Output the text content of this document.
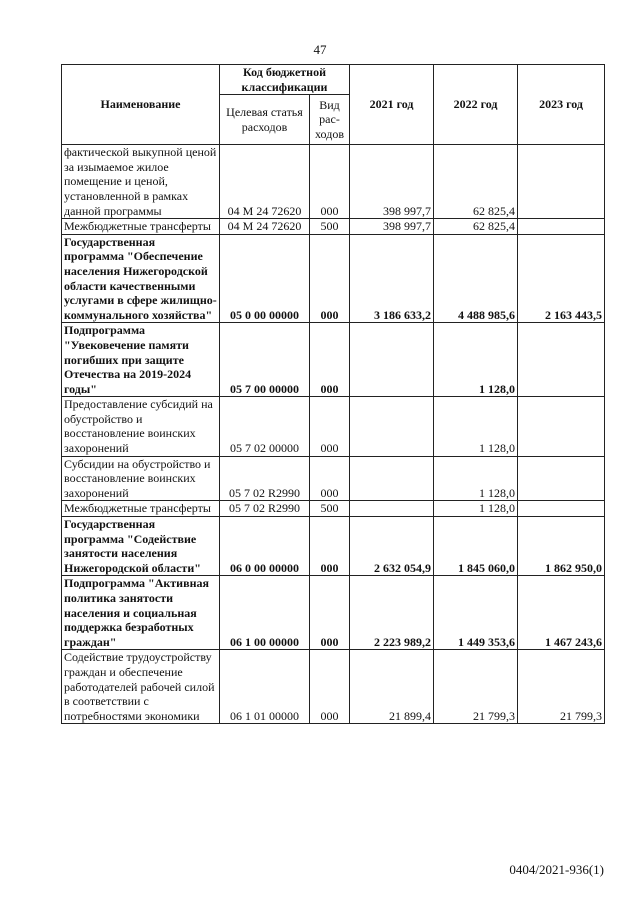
47
Наименование	Код бюджетной классификации		2021 год	2022 год	2023 год
	Целевая статья расходов	Вид рас-ходов			
фактической выкупной ценой за изымаемое жилое помещение и ценой, установленной в рамках данной программы	04 М 24 72620	000	398 997,7	62 825,4	
Межбюджетные трансферты	04 М 24 72620	500	398 997,7	62 825,4	
Государственная программа "Обеспечение населения Нижегородской области качественными услугами в сфере жилищно-коммунального хозяйства"	05 0 00 00000	000	3 186 633,2	4 488 985,6	2 163 443,5
Подпрограмма "Увековечение памяти погибших при защите Отечества на 2019-2024 годы"	05 7 00 00000	000		1 128,0	
Предоставление субсидий на обустройство и восстановление воинских захоронений	05 7 02 00000	000		1 128,0	
Субсидии на обустройство и восстановление воинских захоронений	05 7 02 R2990	000		1 128,0	
Межбюджетные трансферты	05 7 02 R2990	500		1 128,0	
Государственная программа "Содействие занятости населения Нижегородской области"	06 0 00 00000	000	2 632 054,9	1 845 060,0	1 862 950,0
Подпрограмма "Активная политика занятости населения и социальная поддержка безработных граждан"	06 1 00 00000	000	2 223 989,2	1 449 353,6	1 467 243,6
Содействие трудоустройству граждан и обеспечение работодателей рабочей силой в соответствии с потребностями экономики	06 1 01 00000	000	21 899,4	21 799,3	21 799,3
0404/2021-936(1)
